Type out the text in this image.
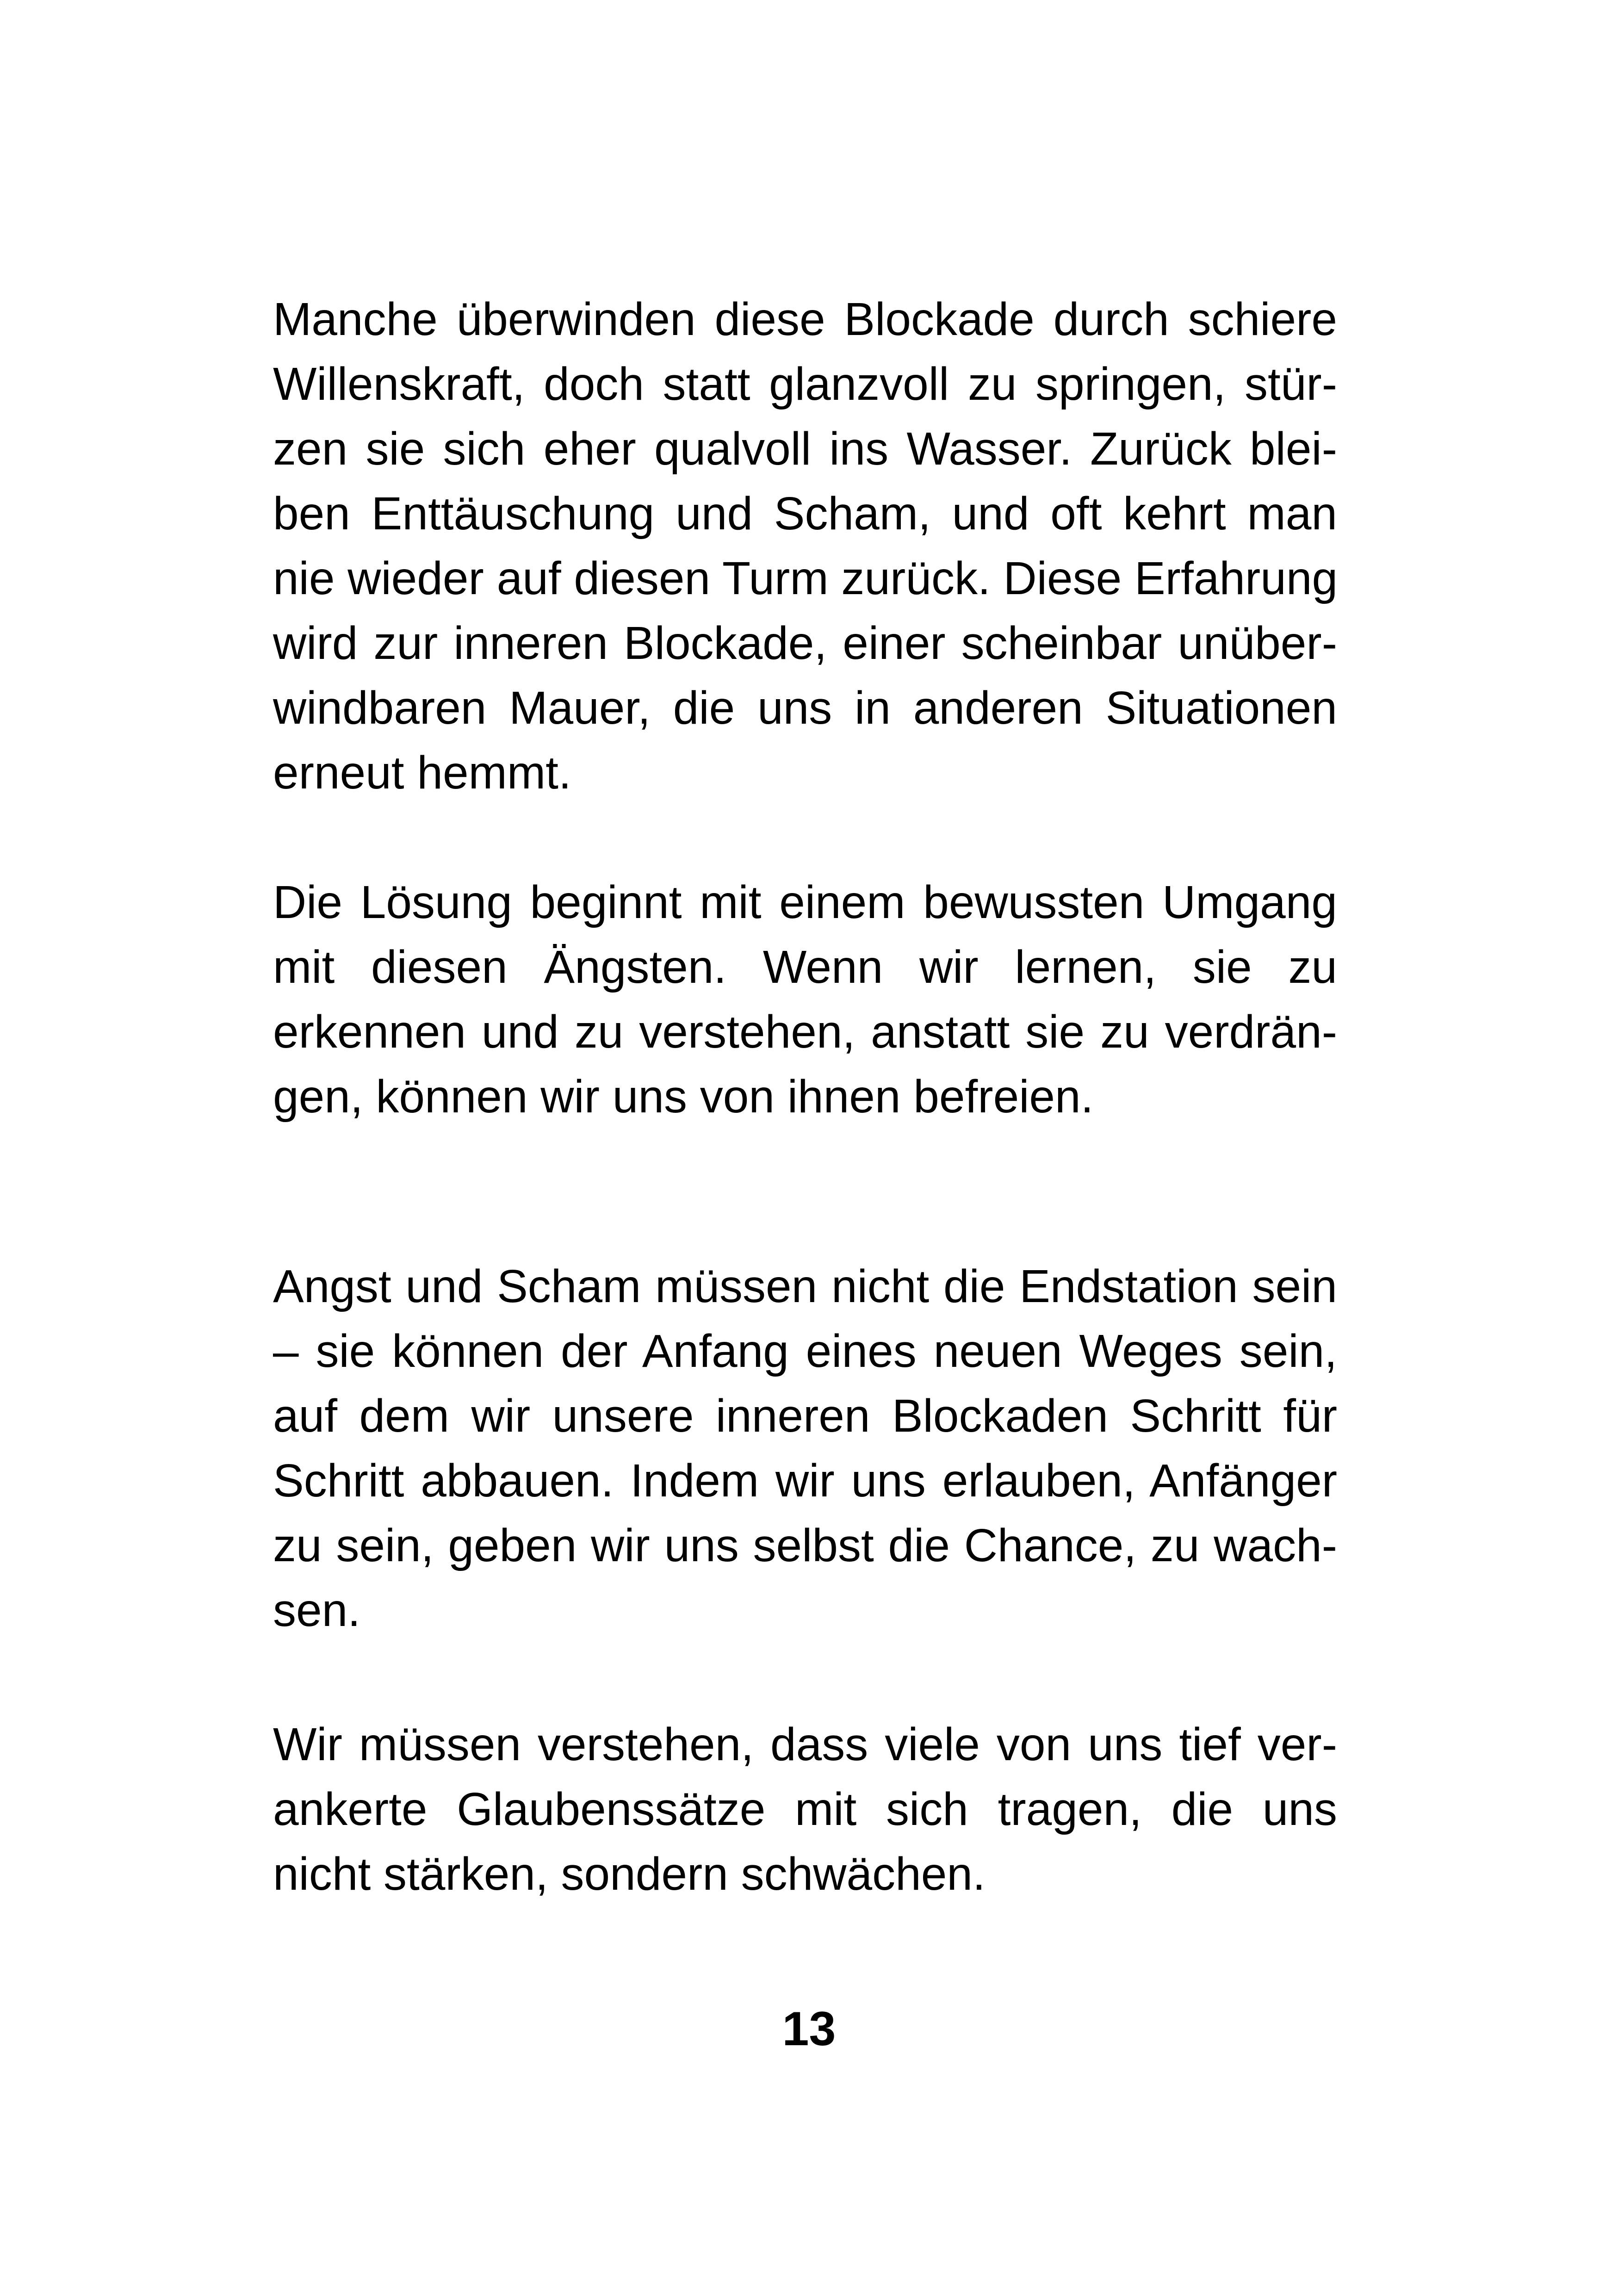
Manche überwinden diese Blockade durch schiere
Willenskraft, doch statt glanzvoll zu springen, stür-
zen sie sich eher qualvoll ins Wasser. Zurück blei-
ben Enttäuschung und Scham, und oft kehrt man
nie wieder auf diesen Turm zurück. Diese Erfahrung
wird zur inneren Blockade, einer scheinbar unüber-
windbaren Mauer, die uns in anderen Situationen
erneut hemmt.

Die Lösung beginnt mit einem bewussten Umgang
mit diesen Ängsten. Wenn wir lernen, sie zu
erkennen und zu verstehen, anstatt sie zu verdrän-
gen, können wir uns von ihnen befreien.

Angst und Scham müssen nicht die Endstation sein
– sie können der Anfang eines neuen Weges sein,
auf dem wir unsere inneren Blockaden Schritt für
Schritt abbauen. Indem wir uns erlauben, Anfänger
zu sein, geben wir uns selbst die Chance, zu wach-
sen.

Wir müssen verstehen, dass viele von uns tief ver-
ankerte Glaubenssätze mit sich tragen, die uns
nicht stärken, sondern schwächen.

13
